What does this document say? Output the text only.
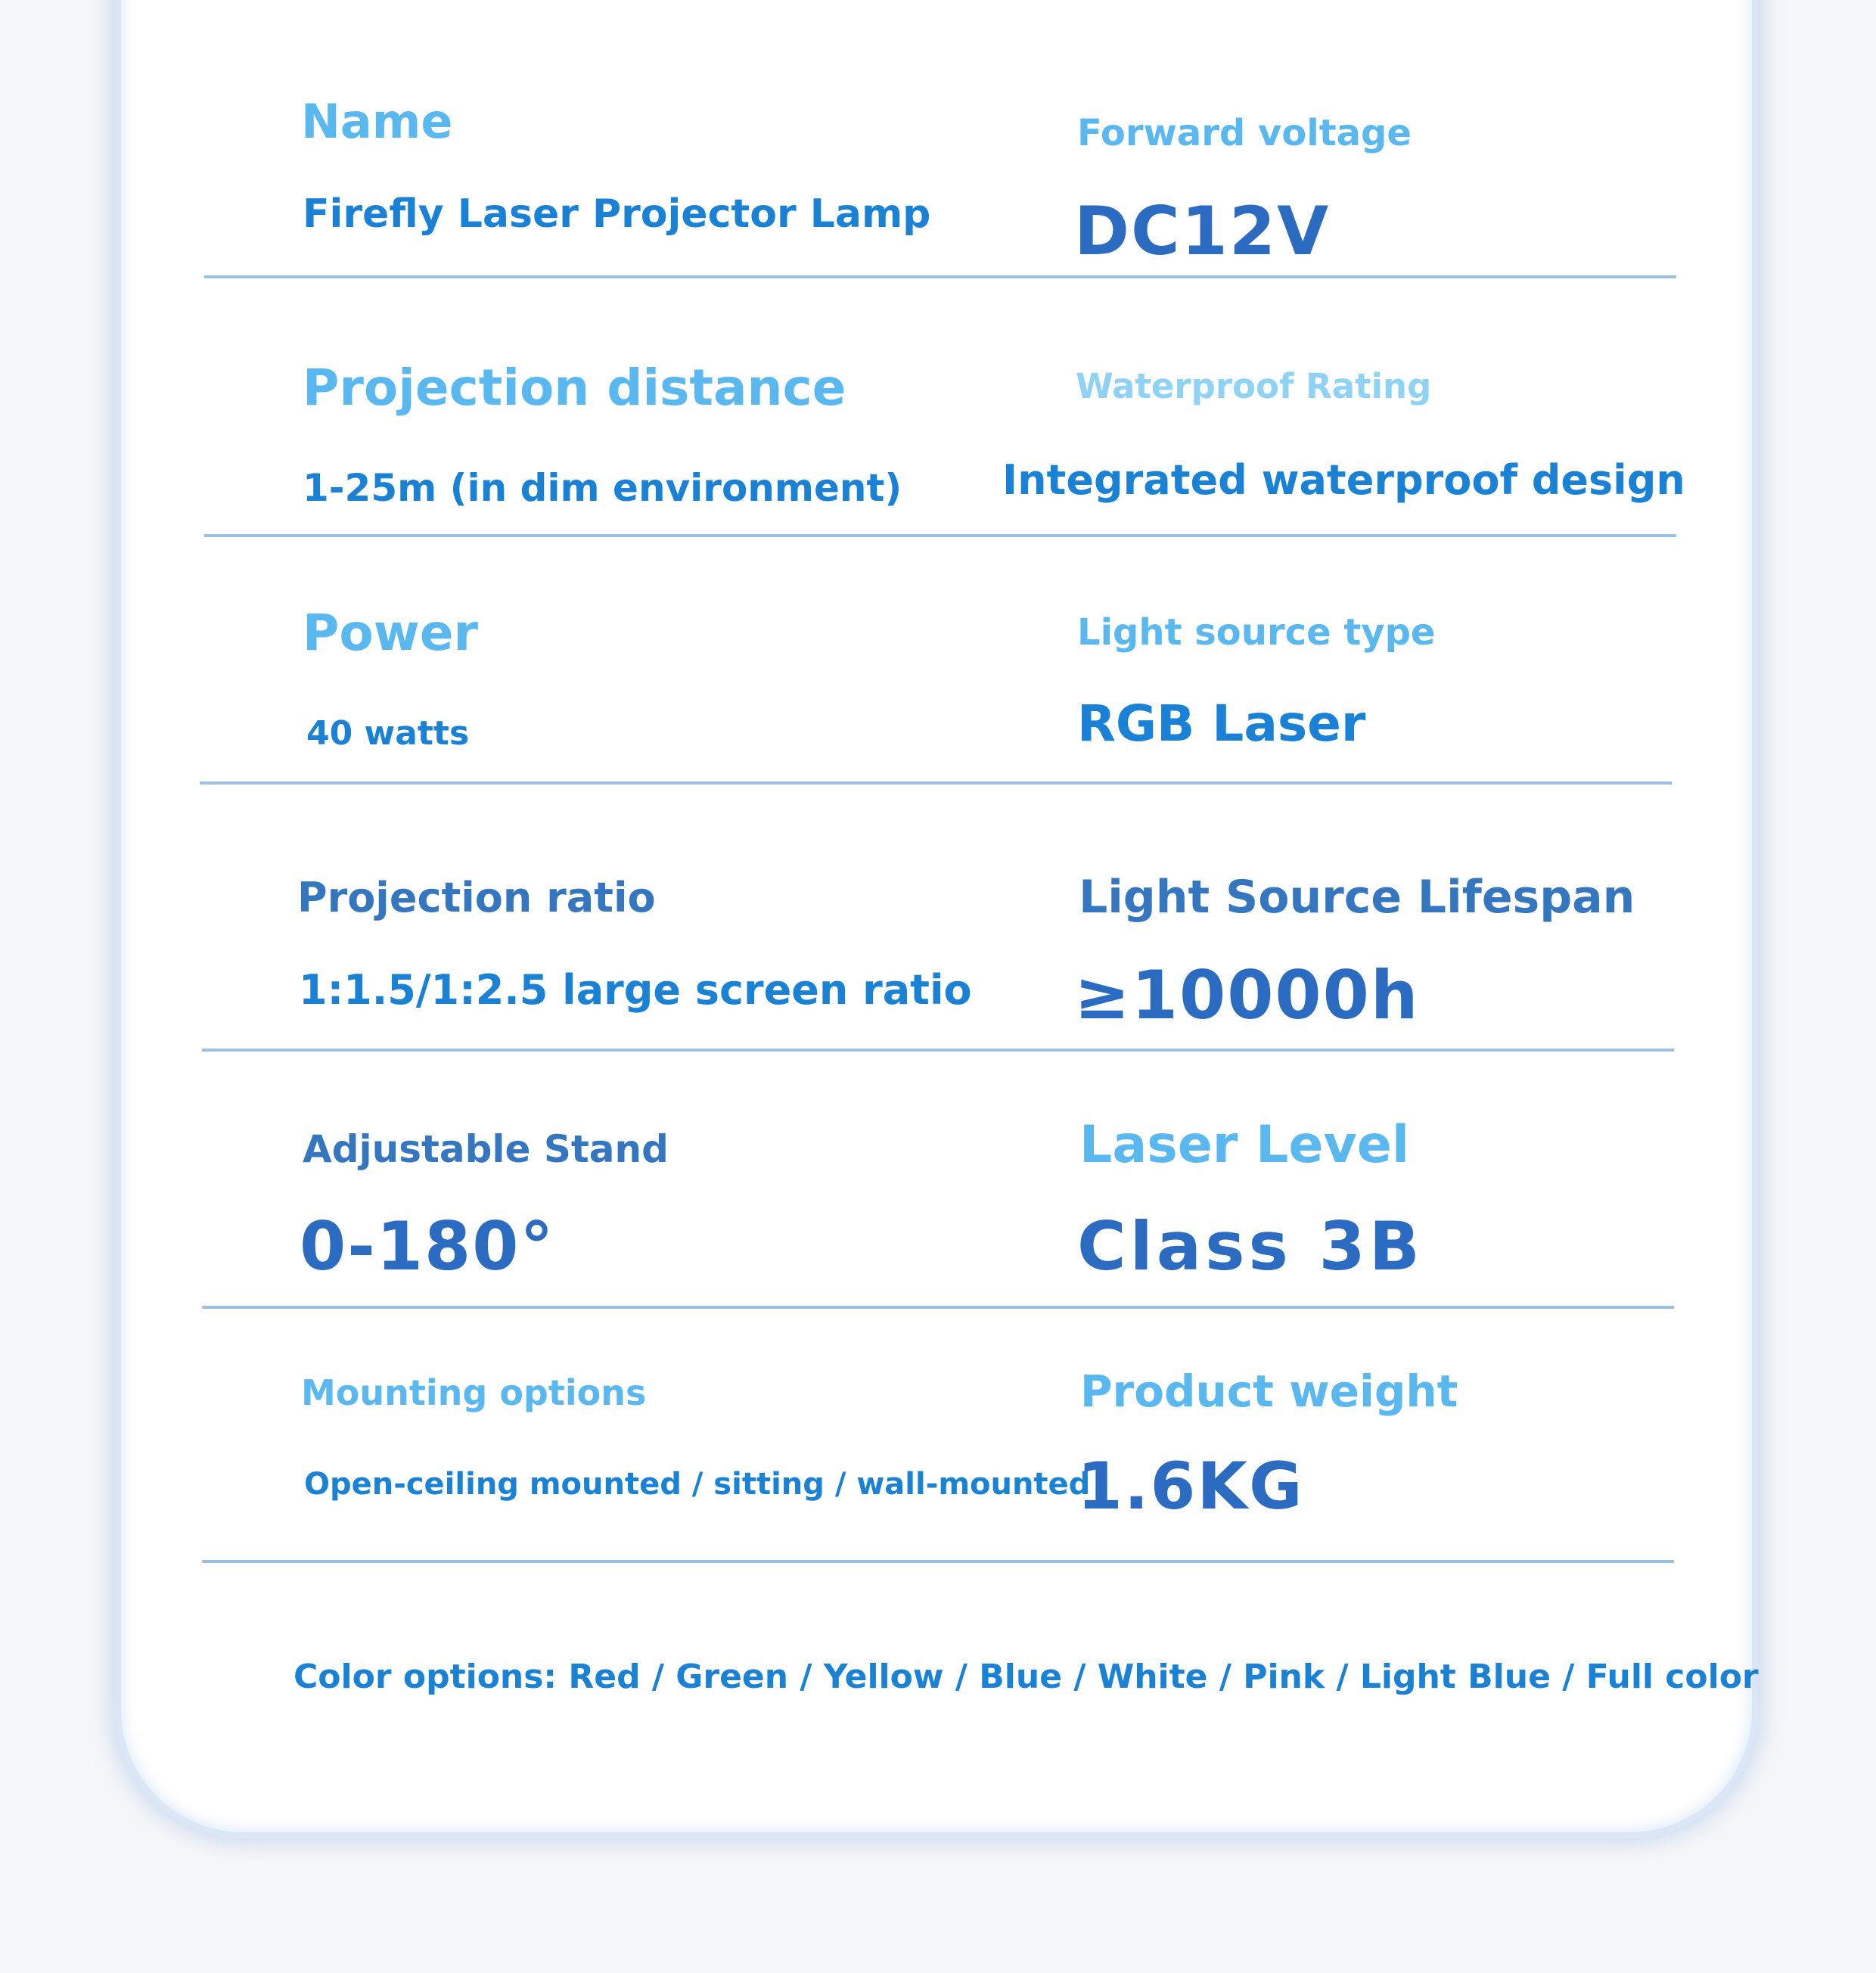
Name
Firefly Laser Projector Lamp
Forward voltage
DC12V
Projection distance
1-25m (in dim environment)
Waterproof Rating
Integrated waterproof design
Power
40 watts
Light source type
RGB Laser
Projection ratio
1:1.5/1:2.5 large screen ratio
Light Source Lifespan
≥10000h
Adjustable Stand
0-180°
Laser Level
Class 3B
Mounting options
Open-ceiling mounted / sitting / wall-mounted
Product weight
1.6KG
Color options: Red / Green / Yellow / Blue / White / Pink / Light Blue / Full color
